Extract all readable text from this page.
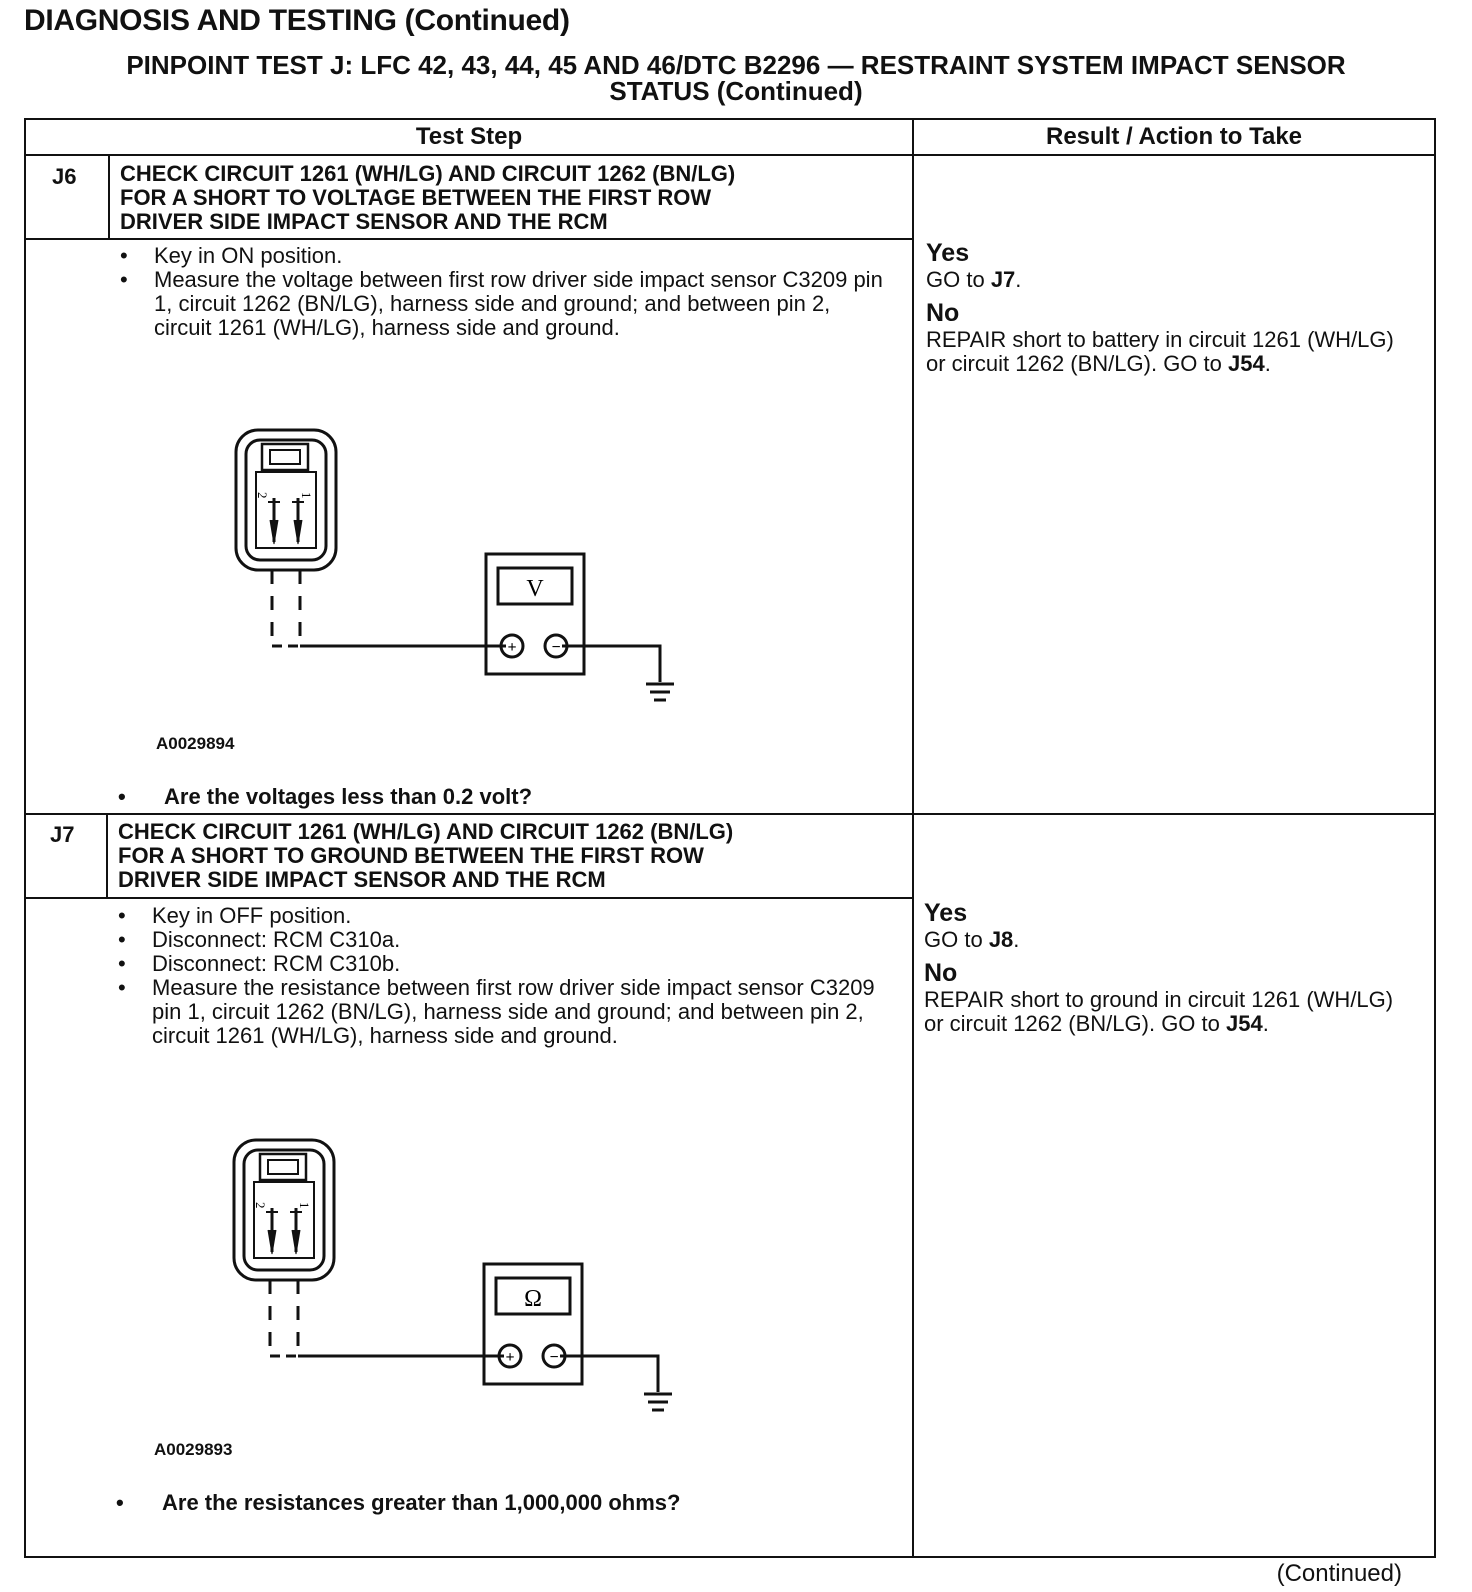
DIAGNOSIS AND TESTING (Continued)
PINPOINT TEST J: LFC 42, 43, 44, 45 AND 46/DTC B2296 — RESTRAINT SYSTEM IMPACT SENSOR
STATUS (Continued)
Test Step	Result / Action to Take
J6 CHECK CIRCUIT 1261 (WH/LG) AND CIRCUIT 1262 (BN/LG)
FOR A SHORT TO VOLTAGE BETWEEN THE FIRST ROW
DRIVER SIDE IMPACT SENSOR AND THE RCM
• Key in ON position.
• Measure the voltage between first row driver side impact sensor C3209 pin 1, circuit 1262 (BN/LG), harness side and ground; and between pin 2, circuit 1261 (WH/LG), harness side and ground.
2 1
V
+ −
A0029894
• Are the voltages less than 0.2 volt?
Yes
GO to J7.
No
REPAIR short to battery in circuit 1261 (WH/LG) or circuit 1262 (BN/LG). GO to J54.
J7 CHECK CIRCUIT 1261 (WH/LG) AND CIRCUIT 1262 (BN/LG)
FOR A SHORT TO GROUND BETWEEN THE FIRST ROW
DRIVER SIDE IMPACT SENSOR AND THE RCM
• Key in OFF position.
• Disconnect: RCM C310a.
• Disconnect: RCM C310b.
• Measure the resistance between first row driver side impact sensor C3209 pin 1, circuit 1262 (BN/LG), harness side and ground; and between pin 2, circuit 1261 (WH/LG), harness side and ground.
2 1
Ω
+ −
A0029893
• Are the resistances greater than 1,000,000 ohms?
Yes
GO to J8.
No
REPAIR short to ground in circuit 1261 (WH/LG) or circuit 1262 (BN/LG). GO to J54.
(Continued)
